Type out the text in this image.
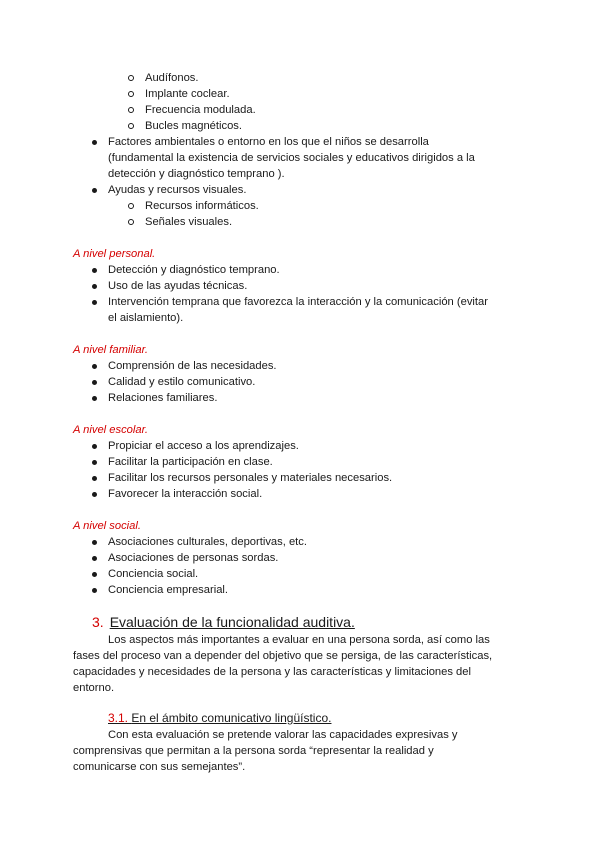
Audífonos.
Implante coclear.
Frecuencia modulada.
Bucles magnéticos.
Factores ambientales o entorno en los que el niños se desarrolla
(fundamental la existencia de servicios sociales y educativos dirigidos a la
detección y diagnóstico temprano ).
Ayudas y recursos visuales.
Recursos informáticos.
Señales visuales.
A nivel personal.
Detección y diagnóstico temprano.
Uso de las ayudas técnicas.
Intervención temprana que favorezca la interacción y la comunicación (evitar
el aislamiento).
A nivel familiar.
Comprensión de las necesidades.
Calidad y estilo comunicativo.
Relaciones familiares.
A nivel escolar.
Propiciar el acceso a los aprendizajes.
Facilitar la participación en clase.
Facilitar los recursos personales y materiales necesarios.
Favorecer la interacción social.
A nivel social.
Asociaciones culturales, deportivas, etc.
Asociaciones de personas sordas.
Conciencia social.
Conciencia empresarial.
3. Evaluación de la funcionalidad auditiva.
Los aspectos más importantes a evaluar en una persona sorda, así como las
fases del proceso van a depender del objetivo que se persiga, de las características,
capacidades y necesidades de la persona y las características y limitaciones del
entorno.
3.1. En el ámbito comunicativo lingüístico.
Con esta evaluación se pretende valorar las capacidades expresivas y
comprensivas que permitan a la persona sorda “representar la realidad y
comunicarse con sus semejantes”.
